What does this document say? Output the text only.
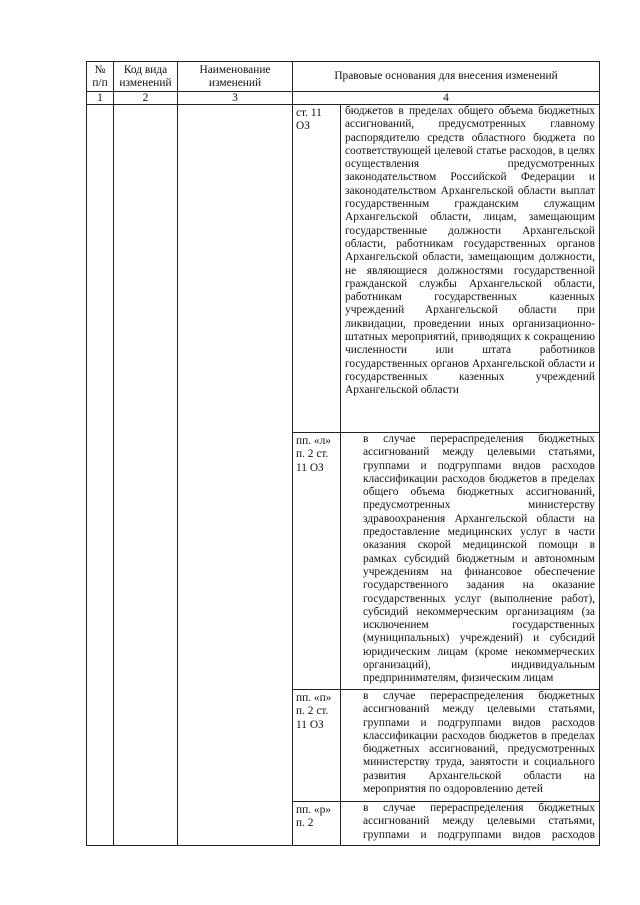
№ п/п	Код вида изменений	Наименование изменений	Правовые основания для внесения изменений	
1	2	3	4	
			ст. 11 ОЗ	бюджетов в пределах общего объема бюджетных ассигнований, предусмотренных главному распорядителю средств областного бюджета по соответствующей целевой статье расходов, в целях осуществления предусмотренных законодательством Российской Федерации и законодательством Архангельской области выплат государственным гражданским служащим Архангельской области, лицам, замещающим государственные должности Архангельской области, работникам государственных органов Архангельской области, замещающим должности, не являющиеся должностями государственной гражданской службы Архангельской области, работникам государственных казенных учреждений Архангельской области при ликвидации, проведении иных организационно-штатных мероприятий, приводящих к сокращению численности или штата работников государственных органов Архангельской области и государственных казенных учреждений Архангельской области
			пп. «л» п. 2 ст. 11 ОЗ	в случае перераспределения бюджетных ассигнований между целевыми статьями, группами и подгруппами видов расходов классификации расходов бюджетов в пределах общего объема бюджетных ассигнований, предусмотренных министерству здравоохранения Архангельской области на предоставление медицинских услуг в части оказания скорой медицинской помощи в рамках субсидий бюджетным и автономным учреждениям на финансовое обеспечение государственного задания на оказание государственных услуг (выполнение работ), субсидий некоммерческим организациям (за исключением государственных (муниципальных) учреждений) и субсидий юридическим лицам (кроме некоммерческих организаций), индивидуальным предпринимателям, физическим лицам

			пп. «п» п. 2 ст. 11 ОЗ	в случае перераспределения бюджетных ассигнований между целевыми статьями, группами и подгруппами видов расходов классификации расходов бюджетов в пределах бюджетных ассигнований, предусмотренных министерству труда, занятости и социального развития Архангельской области на мероприятия по оздоровлению детей

			пп. «р» п. 2	в случае перераспределения бюджетных ассигнований между целевыми статьями, группами и подгруппами видов расходов
